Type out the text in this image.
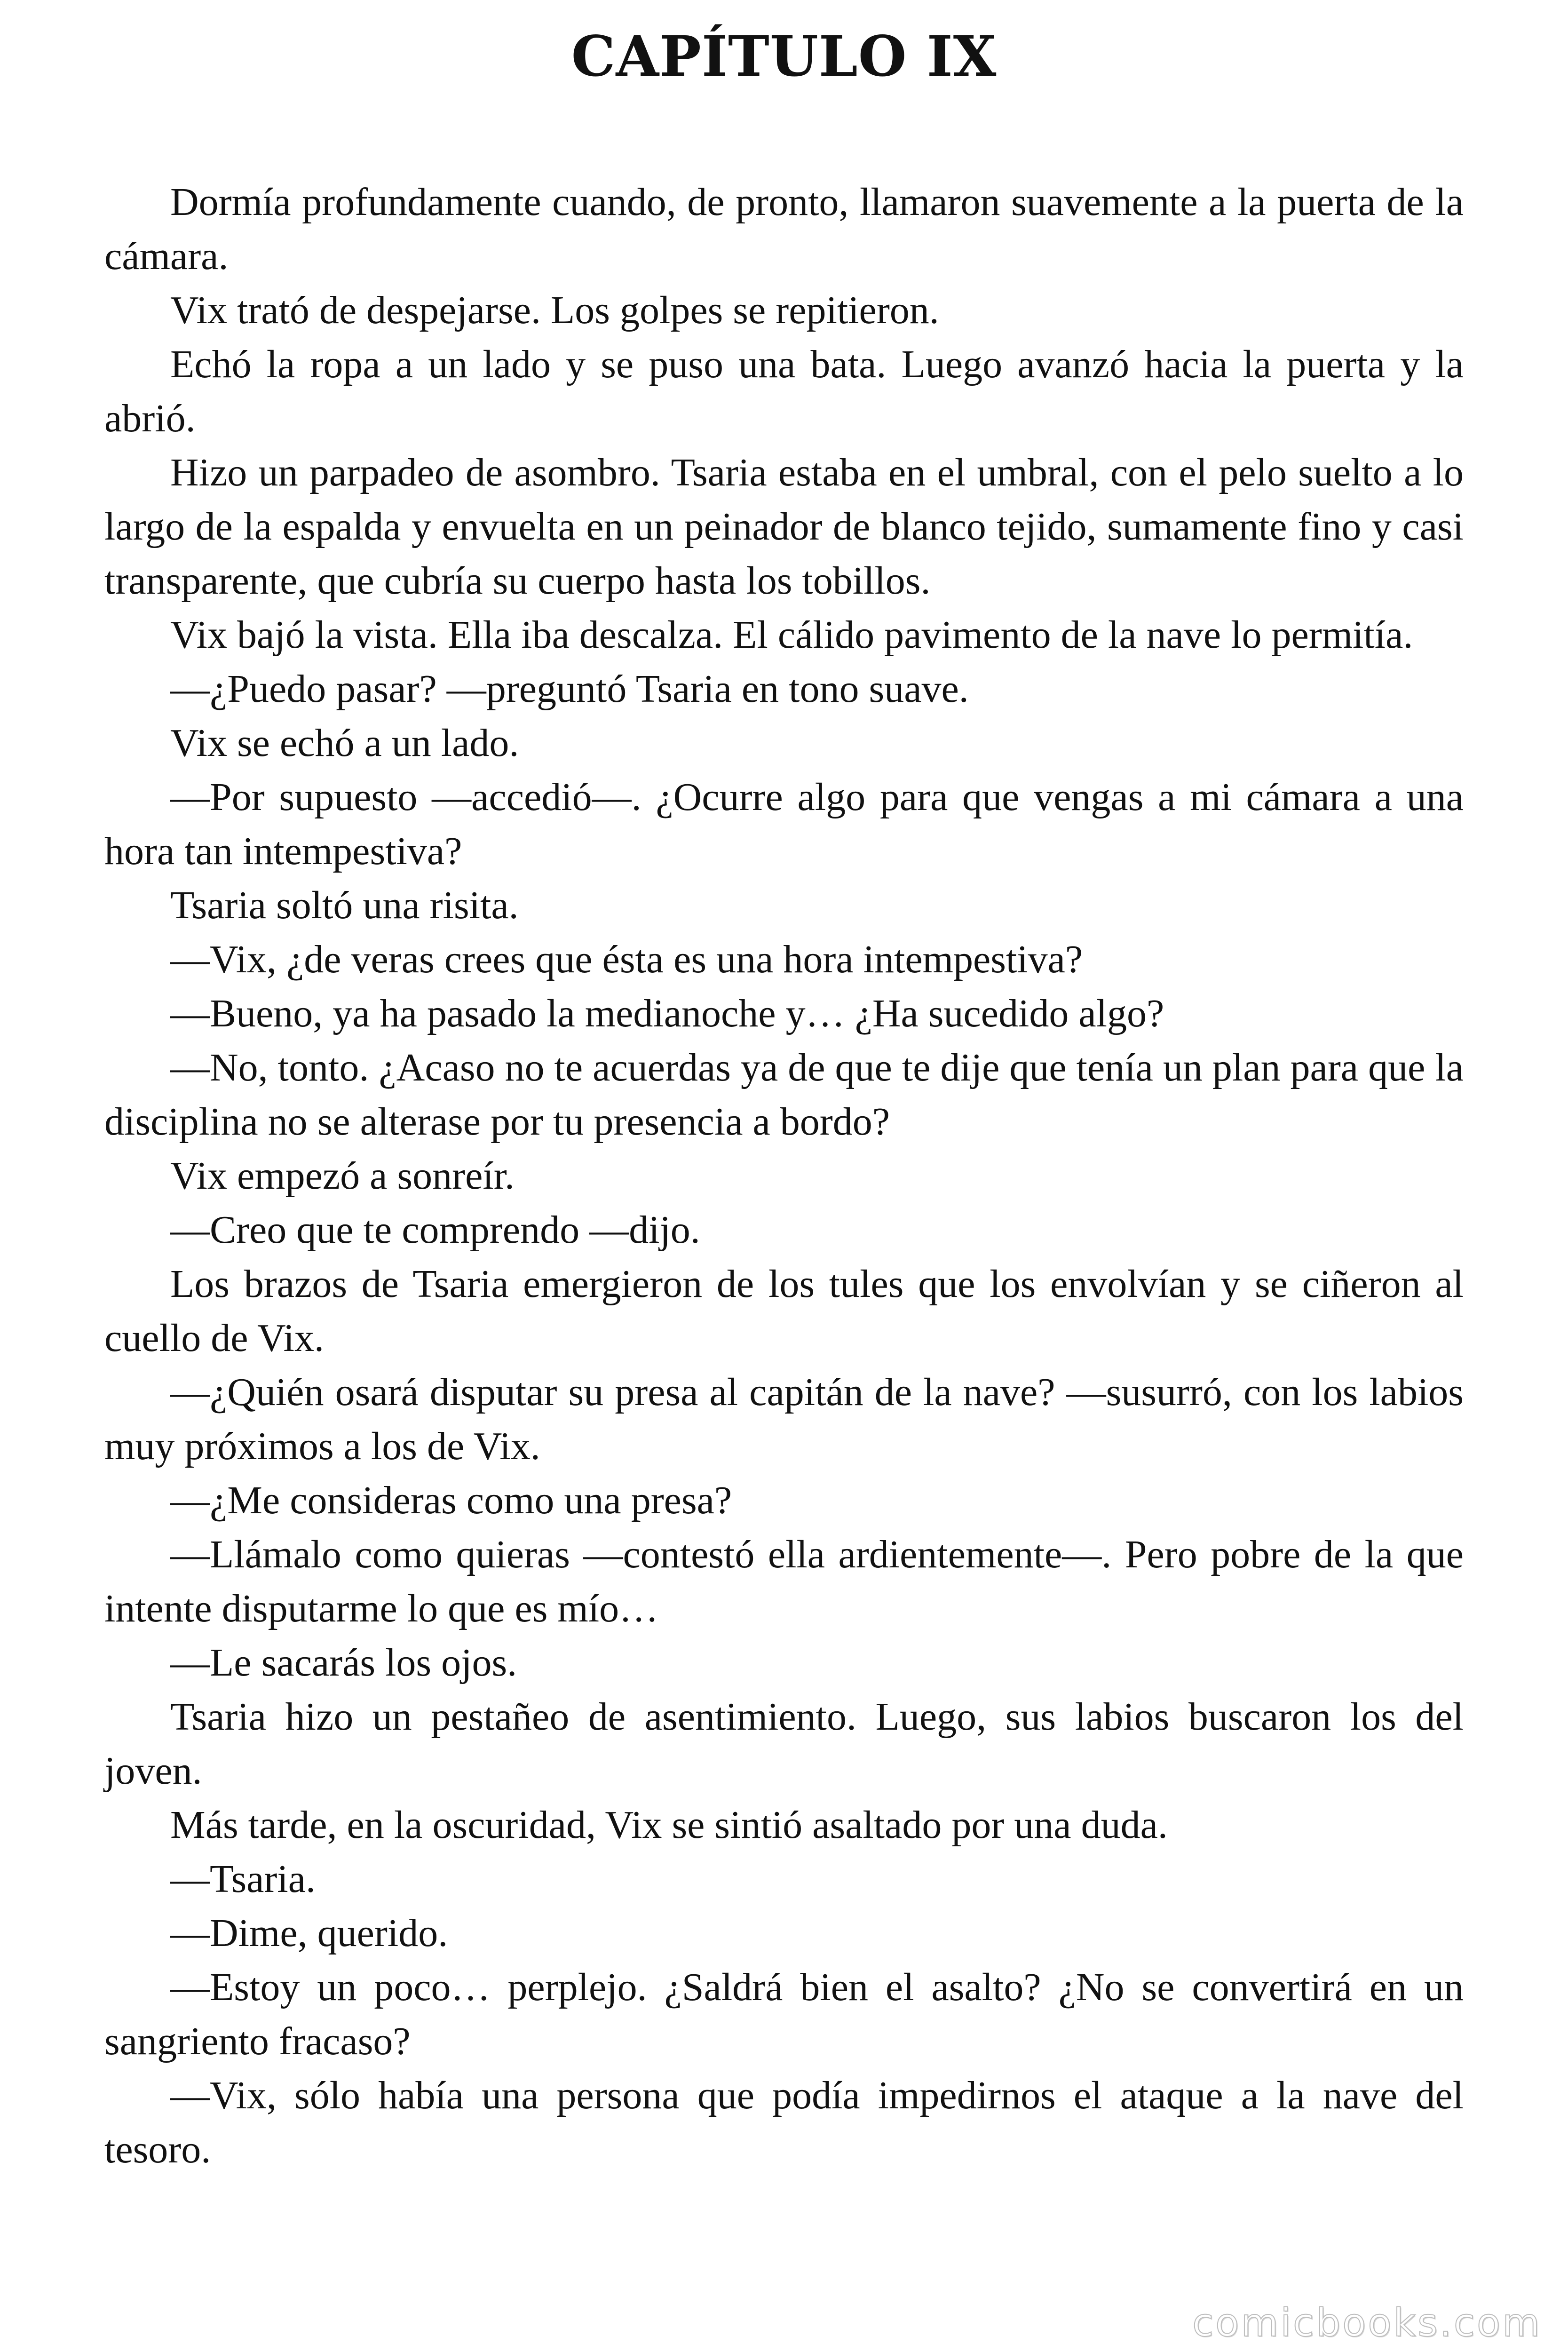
CAPÍTULO IX

Dormía profundamente cuando, de pronto, llamaron suavemente a la puerta de la cámara.

Vix trató de despejarse. Los golpes se repitieron.

Echó la ropa a un lado y se puso una bata. Luego avanzó hacia la puerta y la abrió.

Hizo un parpadeo de asombro. Tsaria estaba en el umbral, con el pelo suelto a lo largo de la espalda y envuelta en un peinador de blanco tejido, sumamente fino y casi transparente, que cubría su cuerpo hasta los tobillos.

Vix bajó la vista. Ella iba descalza. El cálido pavimento de la nave lo permitía.

—¿Puedo pasar? —preguntó Tsaria en tono suave.

Vix se echó a un lado.

—Por supuesto —accedió—. ¿Ocurre algo para que vengas a mi cámara a una hora tan intempestiva?

Tsaria soltó una risita.

—Vix, ¿de veras crees que ésta es una hora intempestiva?

—Bueno, ya ha pasado la medianoche y… ¿Ha sucedido algo?

—No, tonto. ¿Acaso no te acuerdas ya de que te dije que tenía un plan para que la disciplina no se alterase por tu presencia a bordo?

Vix empezó a sonreír.

—Creo que te comprendo —dijo.

Los brazos de Tsaria emergieron de los tules que los envolvían y se ciñeron al cuello de Vix.

—¿Quién osará disputar su presa al capitán de la nave? —susurró, con los labios muy próximos a los de Vix.

—¿Me consideras como una presa?

—Llámalo como quieras —contestó ella ardientemente—. Pero pobre de la que intente disputarme lo que es mío…

—Le sacarás los ojos.

Tsaria hizo un pestañeo de asentimiento. Luego, sus labios buscaron los del joven.

Más tarde, en la oscuridad, Vix se sintió asaltado por una duda.

—Tsaria.

—Dime, querido.

—Estoy un poco… perplejo. ¿Saldrá bien el asalto? ¿No se convertirá en un sangriento fracaso?

—Vix, sólo había una persona que podía impedirnos el ataque a la nave del tesoro.

comicbooks.com
